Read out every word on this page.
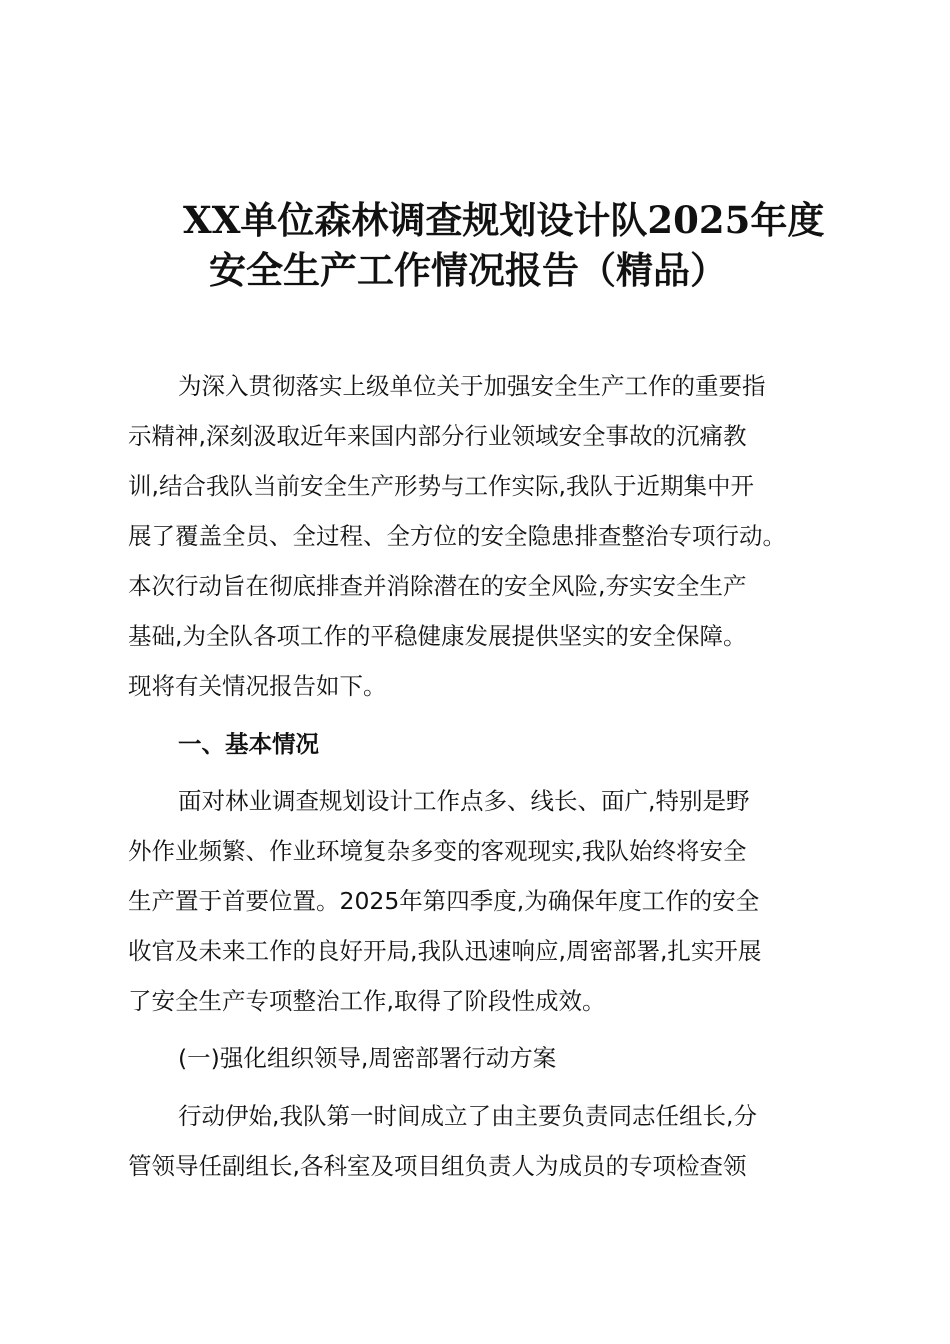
XX单位森林调查规划设计队2025年度
安全生产工作情况报告（精品）
为深入贯彻落实上级单位关于加强安全生产工作的重要指
示精神,深刻汲取近年来国内部分行业领域安全事故的沉痛教
训,结合我队当前安全生产形势与工作实际,我队于近期集中开
展了覆盖全员、全过程、全方位的安全隐患排查整治专项行动。
本次行动旨在彻底排查并消除潜在的安全风险,夯实安全生产
基础,为全队各项工作的平稳健康发展提供坚实的安全保障。
现将有关情况报告如下。
一、基本情况
面对林业调查规划设计工作点多、线长、面广,特别是野
外作业频繁、作业环境复杂多变的客观现实,我队始终将安全
生产置于首要位置。2025年第四季度,为确保年度工作的安全
收官及未来工作的良好开局,我队迅速响应,周密部署,扎实开展
了安全生产专项整治工作,取得了阶段性成效。
(一)强化组织领导,周密部署行动方案
行动伊始,我队第一时间成立了由主要负责同志任组长,分
管领导任副组长,各科室及项目组负责人为成员的专项检查领
